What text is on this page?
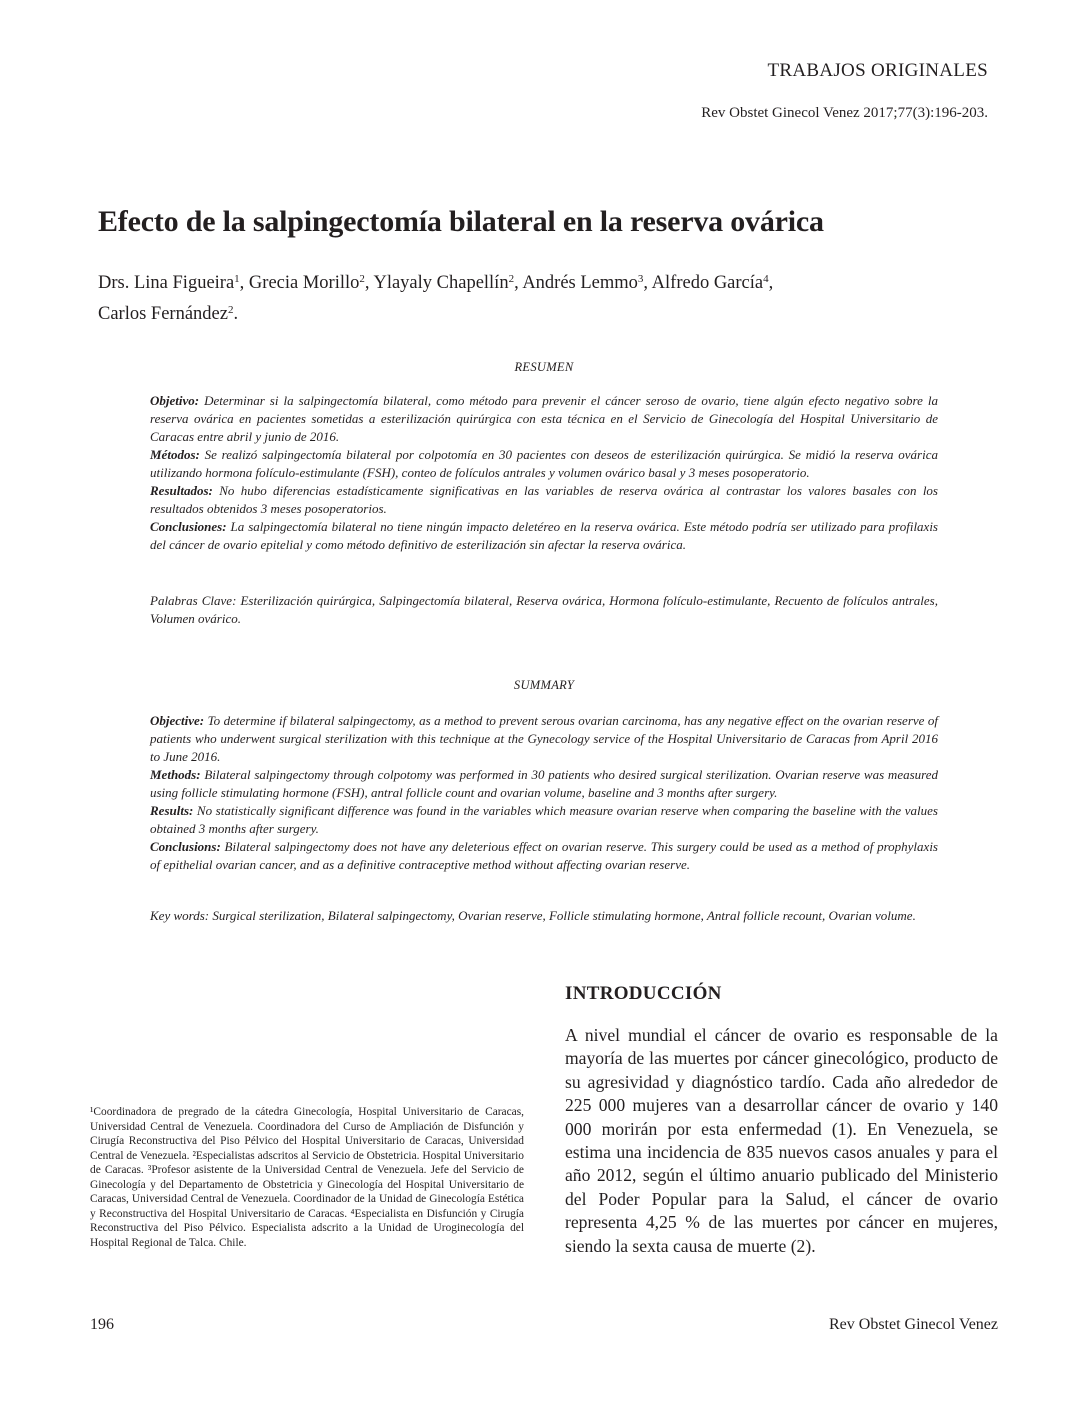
TRABAJOS ORIGINALES
Rev Obstet Ginecol Venez 2017;77(3):196-203.
Efecto de la salpingectomía bilateral en la reserva ovárica
Drs. Lina Figueira$^1$, Grecia Morillo$^2$, Ylayaly Chapellín$^2$, Andrés Lemmo$^3$, Alfredo García$^4$,
Carlos Fernández$^2$.
RESUMEN

Objetivo: Determinar si la salpingectomía bilateral, como método para prevenir el cáncer seroso de ovario, tiene algún efecto negativo sobre la reserva ovárica en pacientes sometidas a esterilización quirúrgica con esta técnica en el Servicio de Ginecología del Hospital Universitario de Caracas entre abril y junio de 2016.

Métodos: Se realizó salpingectomía bilateral por colpotomía en 30 pacientes con deseos de esterilización quirúrgica. Se midió la reserva ovárica utilizando hormona folículo-estimulante (FSH), conteo de folículos antrales y volumen ovárico basal y 3 meses posoperatorio.

Resultados: No hubo diferencias estadísticamente significativas en las variables de reserva ovárica al contrastar los valores basales con los resultados obtenidos 3 meses posoperatorios.

Conclusiones: La salpingectomía bilateral no tiene ningún impacto deletéreo en la reserva ovárica. Este método podría ser utilizado para profilaxis del cáncer de ovario epitelial y como método definitivo de esterilización sin afectar la reserva ovárica.

Palabras Clave: Esterilización quirúrgica, Salpingectomía bilateral, Reserva ovárica, Hormona folículo-estimulante, Recuento de folículos antrales, Volumen ovárico.
SUMMARY

Objective: To determine if bilateral salpingectomy, as a method to prevent serous ovarian carcinoma, has any negative effect on the ovarian reserve of patients who underwent surgical sterilization with this technique at the Gynecology service of the Hospital Universitario de Caracas from April 2016 to June 2016.

Methods: Bilateral salpingectomy through colpotomy was performed in 30 patients who desired surgical sterilization. Ovarian reserve was measured using follicle stimulating hormone (FSH), antral follicle count and ovarian volume, baseline and 3 months after surgery.

Results: No statistically significant difference was found in the variables which measure ovarian reserve when comparing the baseline with the values obtained 3 months after surgery.

Conclusions: Bilateral salpingectomy does not have any deleterious effect on ovarian reserve. This surgery could be used as a method of prophylaxis of epithelial ovarian cancer, and as a definitive contraceptive method without affecting ovarian reserve.

Key words: Surgical sterilization, Bilateral salpingectomy, Ovarian reserve, Follicle stimulating hormone, Antral follicle recount, Ovarian volume.
INTRODUCCIÓN

A nivel mundial el cáncer de ovario es responsable de la mayoría de las muertes por cáncer ginecológico, producto de su agresividad y diagnóstico tardío. Cada año alrededor de 225 000 mujeres van a desarrollar cáncer de ovario y 140 000 morirán por esta enfermedad (1). En Venezuela, se estima una incidencia de 835 nuevos casos anuales y para el año 2012, según el último anuario publicado del Ministerio del Poder Popular para la Salud, el cáncer de ovario representa 4,25 % de las muertes por cáncer en mujeres, siendo la sexta causa de muerte (2).

¹Coordinadora de pregrado de la cátedra Ginecología, Hospital Universitario de Caracas, Universidad Central de Venezuela. Coordinadora del Curso de Ampliación de Disfunción y Cirugía Reconstructiva del Piso Pélvico del Hospital Universitario de Caracas, Universidad Central de Venezuela. ²Especialistas adscritos al Servicio de Obstetricia. Hospital Universitario de Caracas. ³Profesor asistente de la Universidad Central de Venezuela. Jefe del Servicio de Ginecología y del Departamento de Obstetricia y Ginecología del Hospital Universitario de Caracas, Universidad Central de Venezuela. Coordinador de la Unidad de Ginecología Estética y Reconstructiva del Hospital Universitario de Caracas. ⁴Especialista en Disfunción y Cirugía Reconstructiva del Piso Pélvico. Especialista adscrito a la Unidad de Uroginecología del Hospital Regional de Talca. Chile.
196	Rev Obstet Ginecol Venez
